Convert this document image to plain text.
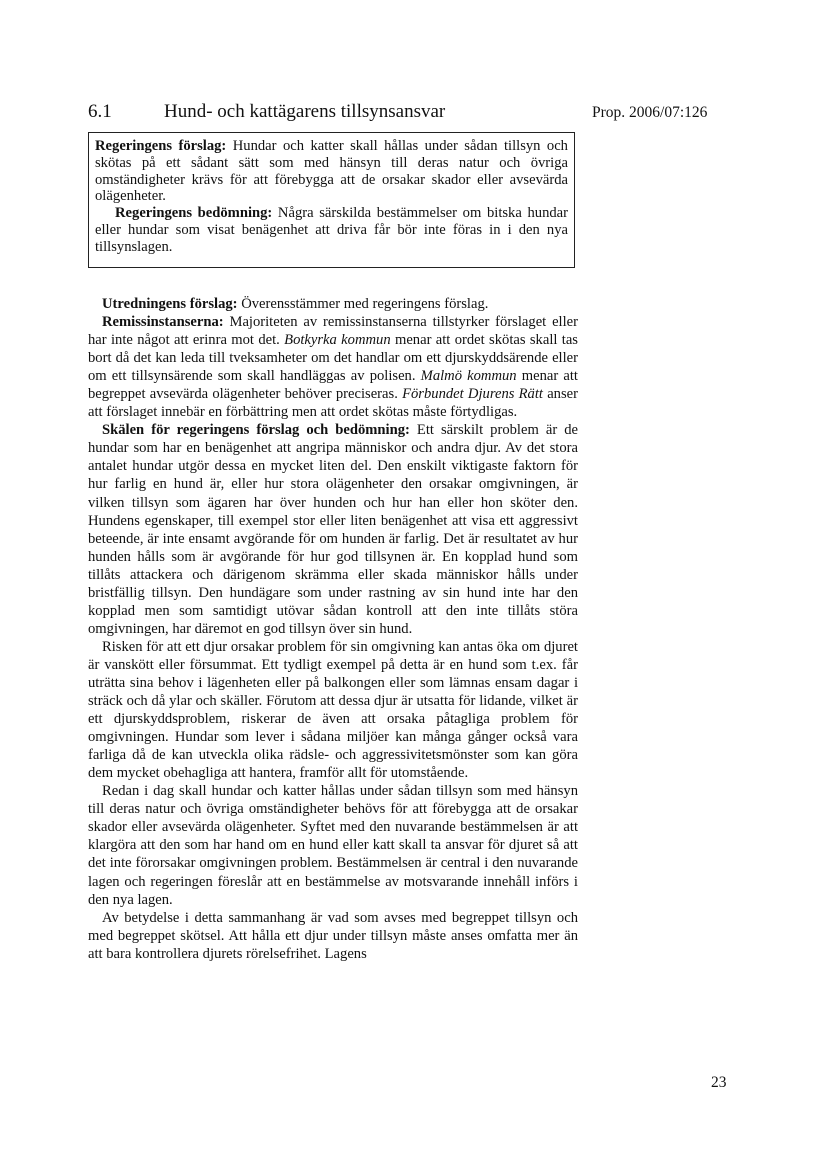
6.1	Hund- och kattägarens tillsynsansvar	Prop. 2006/07:126

Regeringens förslag: Hundar och katter skall hållas under sådan tillsyn och skötas på ett sådant sätt som med hänsyn till deras natur och övriga omständigheter krävs för att förebygga att de orsakar skador eller avsevärda olägenheter.

Regeringens bedömning: Några särskilda bestämmelser om bitska hundar eller hundar som visat benägenhet att driva får bör inte föras in i den nya tillsynslagen.

Utredningens förslag: Överensstämmer med regeringens förslag.

Remissinstanserna: Majoriteten av remissinstanserna tillstyrker förslaget eller har inte något att erinra mot det. Botkyrka kommun menar att ordet skötas skall tas bort då det kan leda till tveksamheter om det handlar om ett djurskyddsärende eller om ett tillsynsärende som skall handläggas av polisen. Malmö kommun menar att begreppet avsevärda olägenheter behöver preciseras. Förbundet Djurens Rätt anser att förslaget innebär en förbättring men att ordet skötas måste förtydligas.

Skälen för regeringens förslag och bedömning: Ett särskilt problem är de hundar som har en benägenhet att angripa människor och andra djur. Av det stora antalet hundar utgör dessa en mycket liten del. Den enskilt viktigaste faktorn för hur farlig en hund är, eller hur stora olägenheter den orsakar omgivningen, är vilken tillsyn som ägaren har över hunden och hur han eller hon sköter den. Hundens egenskaper, till exempel stor eller liten benägenhet att visa ett aggressivt beteende, är inte ensamt avgörande för om hunden är farlig. Det är resultatet av hur hunden hålls som är avgörande för hur god tillsynen är. En kopplad hund som tillåts attackera och därigenom skrämma eller skada människor hålls under bristfällig tillsyn. Den hundägare som under rastning av sin hund inte har den kopplad men som samtidigt utövar sådan kontroll att den inte tillåts störa omgivningen, har däremot en god tillsyn över sin hund.

Risken för att ett djur orsakar problem för sin omgivning kan antas öka om djuret är vanskött eller försummat. Ett tydligt exempel på detta är en hund som t.ex. får uträtta sina behov i lägenheten eller på balkongen eller som lämnas ensam dagar i sträck och då ylar och skäller. Förutom att dessa djur är utsatta för lidande, vilket är ett djurskyddsproblem, riskerar de även att orsaka påtagliga problem för omgivningen. Hundar som lever i sådana miljöer kan många gånger också vara farliga då de kan utveckla olika rädsle- och aggressivitetsmönster som kan göra dem mycket obehagliga att hantera, framför allt för utomstående.

Redan i dag skall hundar och katter hållas under sådan tillsyn som med hänsyn till deras natur och övriga omständigheter behövs för att förebygga att de orsakar skador eller avsevärda olägenheter. Syftet med den nuvarande bestämmelsen är att klargöra att den som har hand om en hund eller katt skall ta ansvar för djuret så att det inte förorsakar omgivningen problem. Bestämmelsen är central i den nuvarande lagen och regeringen föreslår att en bestämmelse av motsvarande innehåll införs i den nya lagen.

Av betydelse i detta sammanhang är vad som avses med begreppet tillsyn och med begreppet skötsel. Att hålla ett djur under tillsyn måste anses omfatta mer än att bara kontrollera djurets rörelsefrihet. Lagens

23
